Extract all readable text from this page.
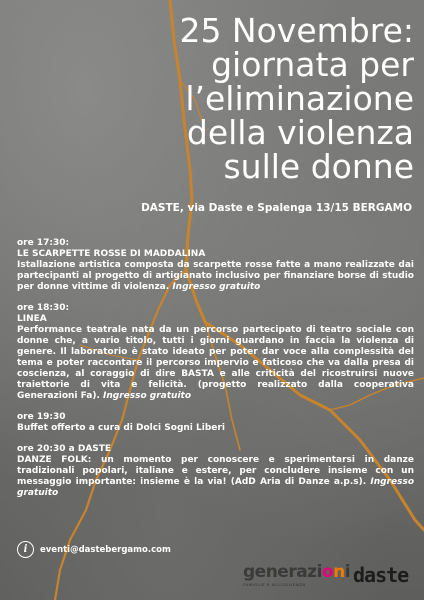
25 Novembre:
giornata per
l’eliminazione
della violenza
sulle donne
DASTE, via Daste e Spalenga 13/15 BERGAMO
ore 17:30:
LE SCARPETTE ROSSE DI MADDALINA
Istallazione artistica composta da scarpette rosse fatte a mano realizzate dai partecipanti al progetto di artigianato inclusivo per finanziare borse di studio per donne vittime di violenza. Ingresso gratuito
ore 18:30:
LINEA
Performance teatrale nata da un percorso partecipato di teatro sociale con donne che, a vario titolo, tutti i giorni guardano in faccia la violenza di genere. Il laboratorio è stato ideato per poter dar voce alla complessità del tema e poter raccontare il percorso impervio e faticoso che va dalla presa di coscienza, al coraggio di dire BASTA e alle criticità del ricostruirsi nuove traiettorie di vita e felicità. (progetto realizzato dalla cooperativa Generazioni Fa). Ingresso gratuito
ore 19:30
Buffet offerto a cura di Dolci Sogni Liberi
ore 20:30 a DASTE
DANZE FOLK: un momento per conoscere e sperimentarsi in danze tradizionali popolari, italiane e estere, per concludere insieme con un messaggio importante: insieme è la via! (AdD Aria di Danze a.p.s). Ingresso gratuito
i	eventi@dastebergamo.com
generazioni
FAMIGLIE E ACCOGLIENZA	daste
